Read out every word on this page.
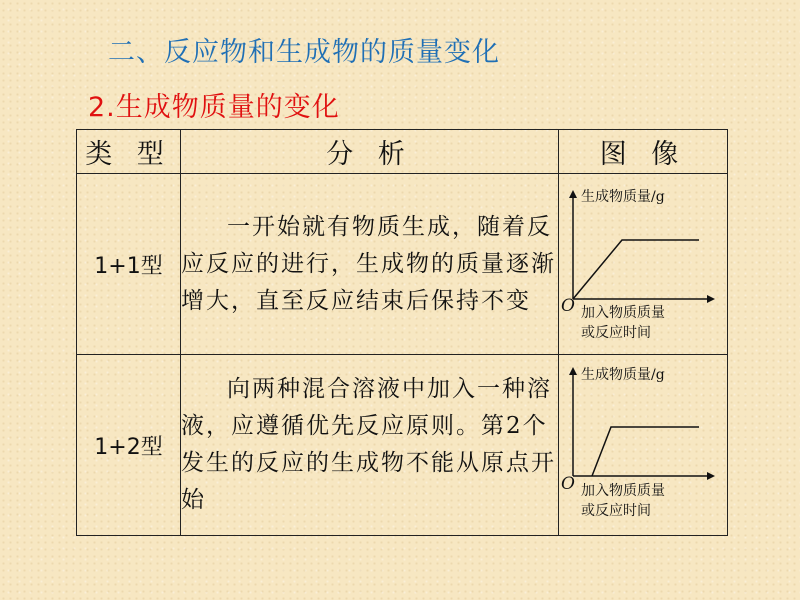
二、反应物和生成物的质量变化
2.生成物质量的变化
类 型	分 析	图 像
1+1型	一开始就有物质生成，随着反应反应的进行，生成物的质量逐渐增大，直至反应结束后保持不变	生成物质量/g
O 加入物质质量
或反应时间

1+2型	向两种混合溶液中加入一种溶液，应遵循优先反应原则。第2个发生的反应的生成物不能从原点开始	生成物质量/g
O 加入物质质量
或反应时间
